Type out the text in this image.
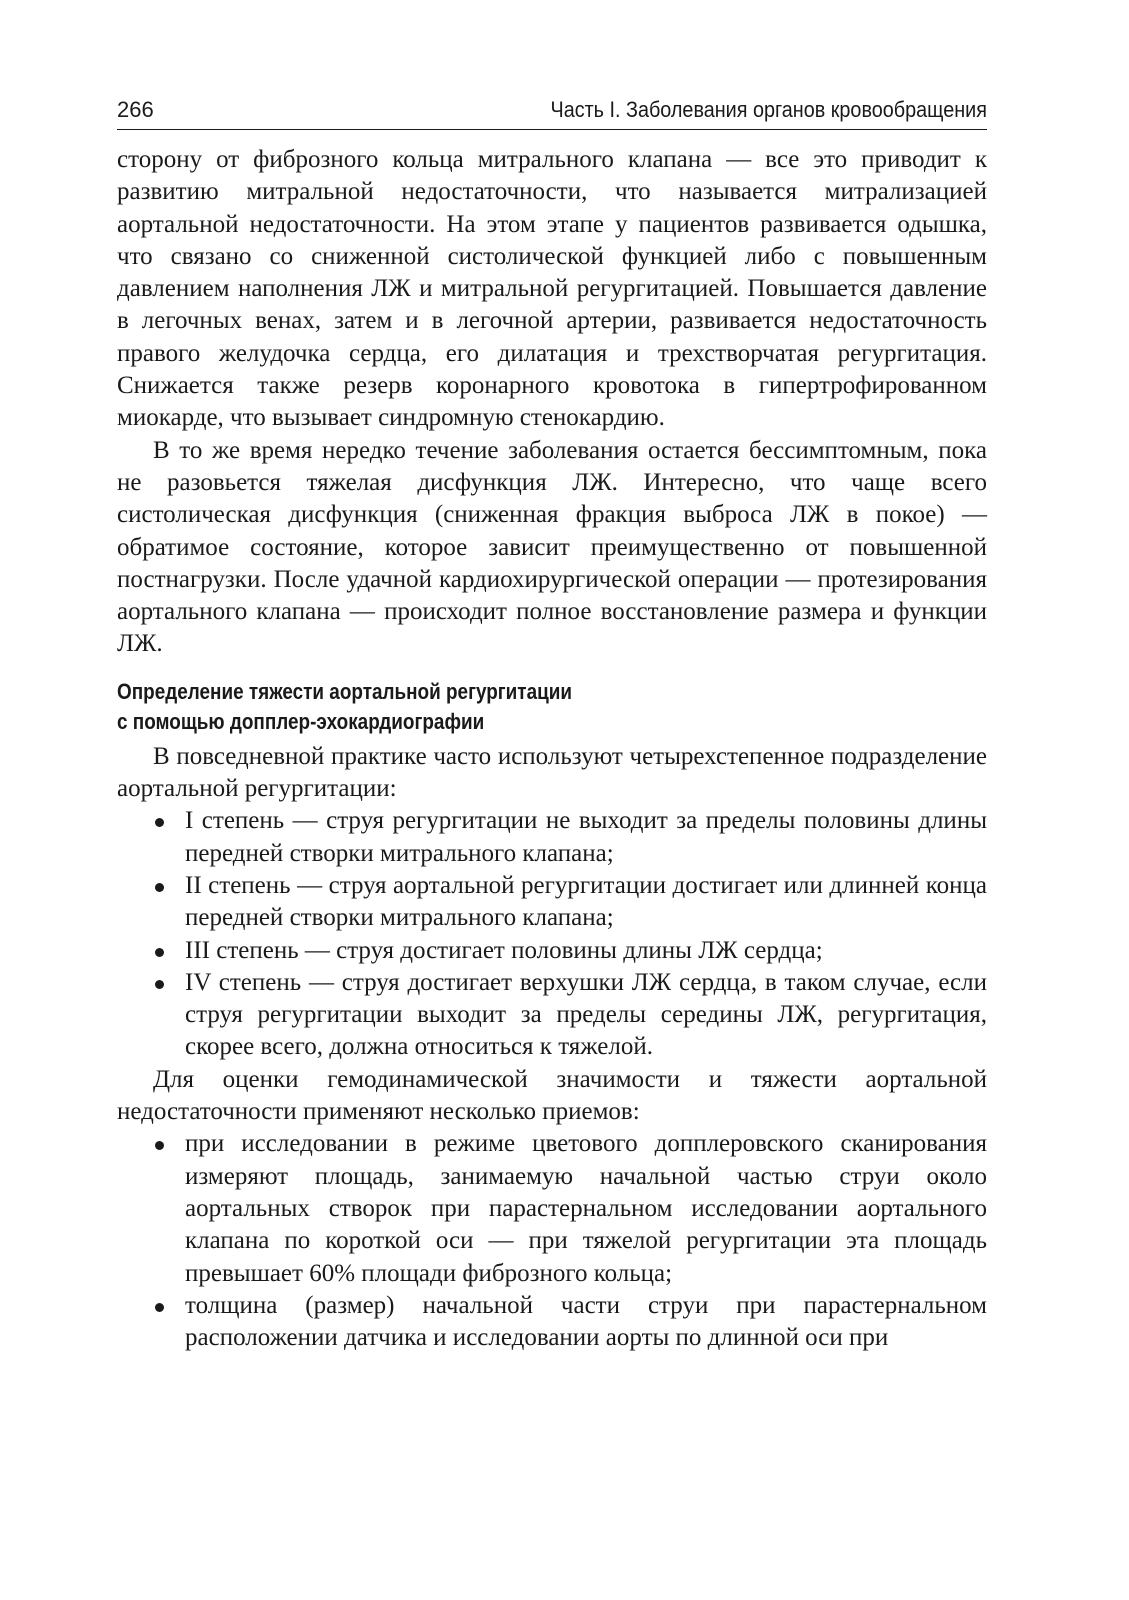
266	Часть I. Заболевания органов кровообращения

сторону от фиброзного кольца митрального клапана — все это приводит к развитию митральной недостаточности, что называется митрализацией аортальной недостаточности. На этом этапе у пациентов развивается одышка, что связано со сниженной систолической функцией либо с повышенным давлением наполнения ЛЖ и митральной регургитацией. Повышается давление в легочных венах, затем и в легочной артерии, развивается недостаточность правого желудочка сердца, его дилатация и трехстворчатая регургитация. Снижается также резерв коронарного кровотока в гипертрофированном миокарде, что вызывает синдромную стенокардию.

В то же время нередко течение заболевания остается бессимптомным, пока не разовьется тяжелая дисфункция ЛЖ. Интересно, что чаще всего систолическая дисфункция (сниженная фракция выброса ЛЖ в покое) — обратимое состояние, которое зависит преимущественно от повышенной постнагрузки. После удачной кардиохирургической операции — протезирования аортального клапана — происходит полное восстановление размера и функции ЛЖ.

Определение тяжести аортальной регургитации
с помощью допплер-эхокардиографии

В повседневной практике часто используют четырехстепенное подразделение аортальной регургитации:

I степень — струя регургитации не выходит за пределы половины длины передней створки митрального клапана;
II степень — струя аортальной регургитации достигает или длинней конца передней створки митрального клапана;
III степень — струя достигает половины длины ЛЖ сердца;
IV степень — струя достигает верхушки ЛЖ сердца, в таком случае, если струя регургитации выходит за пределы середины ЛЖ, регургитация, скорее всего, должна относиться к тяжелой.

Для оценки гемодинамической значимости и тяжести аортальной недостаточности применяют несколько приемов:

при исследовании в режиме цветового допплеровского сканирования измеряют площадь, занимаемую начальной частью струи около аортальных створок при парастернальном исследовании аортального клапана по короткой оси — при тяжелой регургитации эта площадь превышает 60% площади фиброзного кольца;
толщина (размер) начальной части струи при парастернальном расположении датчика и исследовании аорты по длинной оси при
